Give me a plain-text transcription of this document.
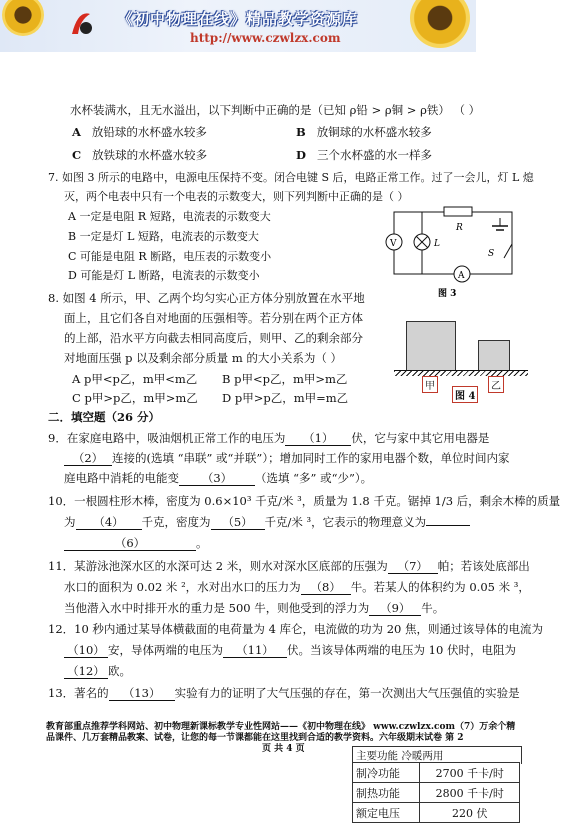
《初中物理在线》精品教学资源库
http://www.czwlzx.com
水杯装满水，且无水溢出，以下判断中正确的是（已知 ρ铅 > ρ铜 > ρ铁） （ ）
A 放铅球的水杯盛水较多	B 放铜球的水杯盛水较多
C 放铁球的水杯盛水较多	D 三个水杯盛的水一样多
7. 如图 3 所示的电路中，电源电压保持不变。闭合电键 S 后，电路正常工作。过了一会儿，灯 L 熄
灭，两个电表中只有一个电表的示数变大，则下列判断中正确的是（ ）
A 一定是电阻 R 短路，电流表的示数变大
B 一定是灯 L 短路，电流表的示数变大
C 可能是电阻 R 断路，电压表的示数变小
D 可能是灯 L 断路，电流表的示数变小
V	L
R
A
S
图 3
8. 如图 4 所示，甲、乙两个均匀实心正方体分别放置在水平地
面上，且它们各自对地面的压强相等。若分别在两个正方体
的上部，沿水平方向截去相同高度后，则甲、乙的剩余部分
对地面压强 p 以及剩余部分质量 m 的大小关系为（ ）
A p甲<p乙，m甲<m乙 B p甲<p乙，m甲>m乙
C p甲>p乙，m甲>m乙 D p甲>p乙，m甲=m乙
甲	乙
图 4
二．填空题（26 分）
9．在家庭电路中，吸油烟机正常工作的电压为 （1） 伏，它与家中其它用电器是
（2） 连接的(选填 “串联” 或“并联”）；增加同时工作的家用电器个数，单位时间内家
庭电路中消耗的电能变 （3） （选填 “多” 或“少”）。
10．一根圆柱形木棒，密度为 0.6×10³ 千克/米 ³，质量为 1.8 千克。锯掉 1/3 后，剩余木棒的质量
为 （4） 千克，密度为 （5） 千克/米 ³，它表示的物理意义为
（6）	。
11．某游泳池深水区的水深可达 2 米，则水对深水区底部的压强为 （7） 帕；若该处底部出
水口的面积为 0.02 米 ²，水对出水口的压力为 （8） 牛。若某人的体积约为 0.05 米 ³，
当他潜入水中时排开水的重力是 500 牛，则他受到的浮力为 （9） 牛。
12．10 秒内通过某导体横截面的电荷量为 4 库仑，电流做的功为 20 焦，则通过该导体的电流为
（10） 安，导体两端的电压为 （11） 伏。当该导体两端的电压为 10 伏时，电阻为
（12） 欧。
13．著名的 （13） 实验有力的证明了大气压强的存在，第一次测出大气压强值的实验是
教育部重点推荐学科网站、初中物理新课标教学专业性网站——《初中物理在线》 www.czwlzx.com（7）万余个精
品课件、几万套精品教案、试卷，让您的每一节课都能在这里找到合适的教学资料。六年级期末试卷 第 2
页 共 4 页
主要功能 冷暖两用
制冷功能	2700 千卡/时
制热功能	2800 千卡/时
额定电压	220 伏
